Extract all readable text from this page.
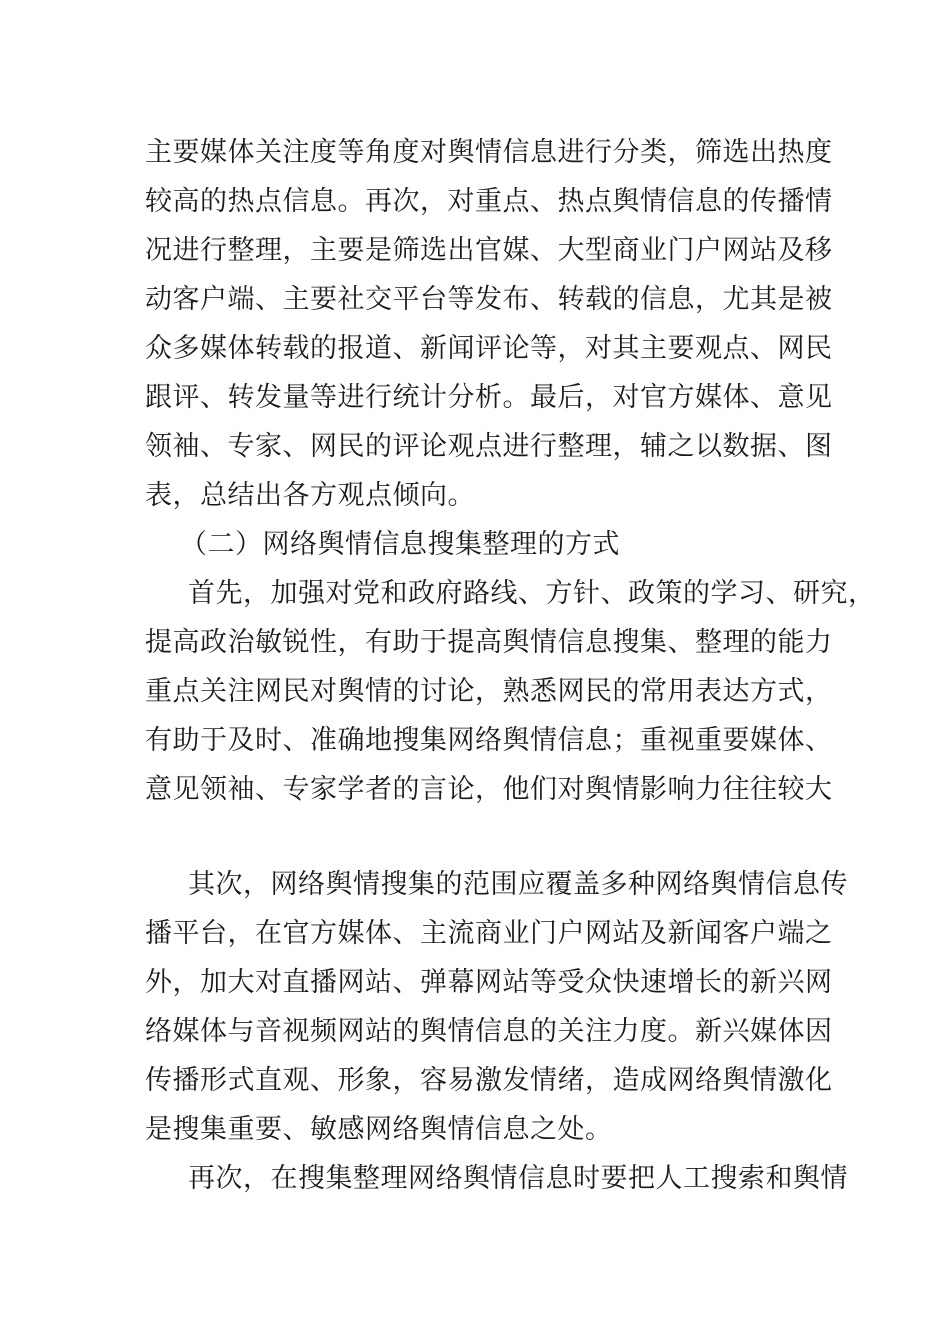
主要媒体关注度等角度对舆情信息进行分类，筛选出热度
较高的热点信息。再次，对重点、热点舆情信息的传播情
况进行整理，主要是筛选出官媒、大型商业门户网站及移
动客户端、主要社交平台等发布、转载的信息，尤其是被
众多媒体转载的报道、新闻评论等，对其主要观点、网民
跟评、转发量等进行统计分析。最后，对官方媒体、意见
领袖、专家、网民的评论观点进行整理，辅之以数据、图
表，总结出各方观点倾向。
（二）网络舆情信息搜集整理的方式
首先，加强对党和政府路线、方针、政策的学习、研究，
提高政治敏锐性，有助于提高舆情信息搜集、整理的能力
重点关注网民对舆情的讨论，熟悉网民的常用表达方式，
有助于及时、准确地搜集网络舆情信息；重视重要媒体、
意见领袖、专家学者的言论，他们对舆情影响力往往较大
其次，网络舆情搜集的范围应覆盖多种网络舆情信息传
播平台，在官方媒体、主流商业门户网站及新闻客户端之
外，加大对直播网站、弹幕网站等受众快速增长的新兴网
络媒体与音视频网站的舆情信息的关注力度。新兴媒体因
传播形式直观、形象，容易激发情绪，造成网络舆情激化
是搜集重要、敏感网络舆情信息之处。
再次，在搜集整理网络舆情信息时要把人工搜索和舆情
